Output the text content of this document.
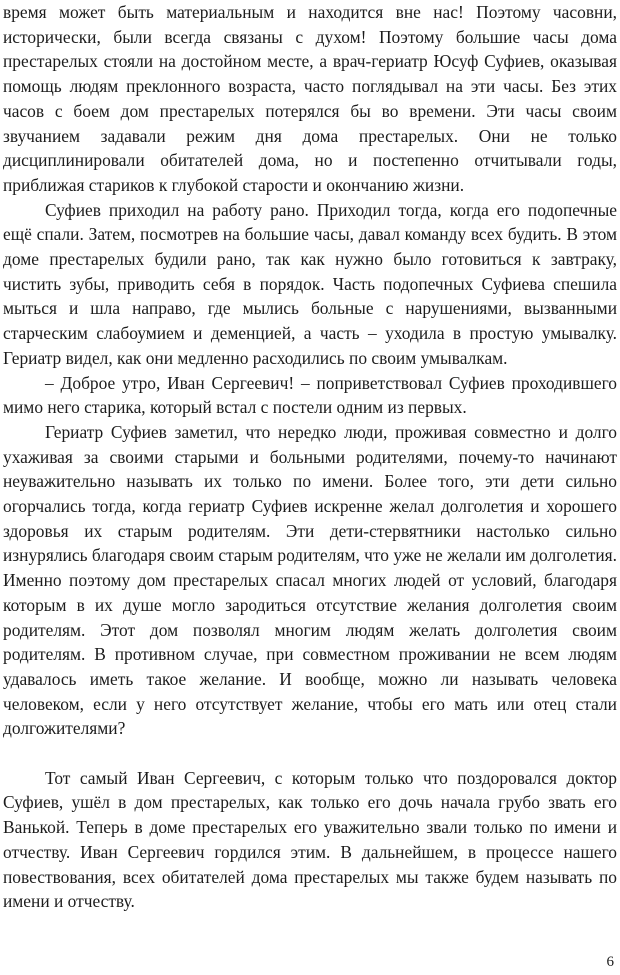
время может быть материальным и находится вне нас! Поэтому часовни, исторически, были всегда связаны с духом! Поэтому большие часы дома престарелых стояли на достойном месте, а врач-гериатр Юсуф Суфиев, оказывая помощь людям преклонного возраста, часто поглядывал на эти часы. Без этих часов с боем дом престарелых потерялся бы во времени. Эти часы своим звучанием задавали режим дня дома престарелых. Они не только дисциплинировали обитателей дома, но и постепенно отчитывали годы, приближая стариков к глубокой старости и окончанию жизни.

Суфиев приходил на работу рано. Приходил тогда, когда его подопечные ещё спали. Затем, посмотрев на большие часы, давал команду всех будить. В этом доме престарелых будили рано, так как нужно было готовиться к завтраку, чистить зубы, приводить себя в порядок. Часть подопечных Суфиева спешила мыться и шла направо, где мылись больные с нарушениями, вызванными старческим слабоумием и деменцией, а часть – уходила в простую умывалку. Гериатр видел, как они медленно расходились по своим умывалкам.

– Доброе утро, Иван Сергеевич! – поприветствовал Суфиев проходившего мимо него старика, который встал с постели одним из первых.

Гериатр Суфиев заметил, что нередко люди, проживая совместно и долго ухаживая за своими старыми и больными родителями, почему-то начинают неуважительно называть их только по имени. Более того, эти дети сильно огорчались тогда, когда гериатр Суфиев искренне желал долголетия и хорошего здоровья их старым родителям. Эти дети-стервятники настолько сильно изнурялись благодаря своим старым родителям, что уже не желали им долголетия. Именно поэтому дом престарелых спасал многих людей от условий, благодаря которым в их душе могло зародиться отсутствие желания долголетия своим родителям. Этот дом позволял многим людям желать долголетия своим родителям. В противном случае, при совместном проживании не всем людям удавалось иметь такое желание. И вообще, можно ли называть человека человеком, если у него отсутствует желание, чтобы его мать или отец стали долгожителями?

Тот самый Иван Сергеевич, с которым только что поздоровался доктор Суфиев, ушёл в дом престарелых, как только его дочь начала грубо звать его Ванькой. Теперь в доме престарелых его уважительно звали только по имени и отчеству. Иван Сергеевич гордился этим. В дальнейшем, в процессе нашего повествования, всех обитателей дома престарелых мы также будем называть по имени и отчеству.

6
